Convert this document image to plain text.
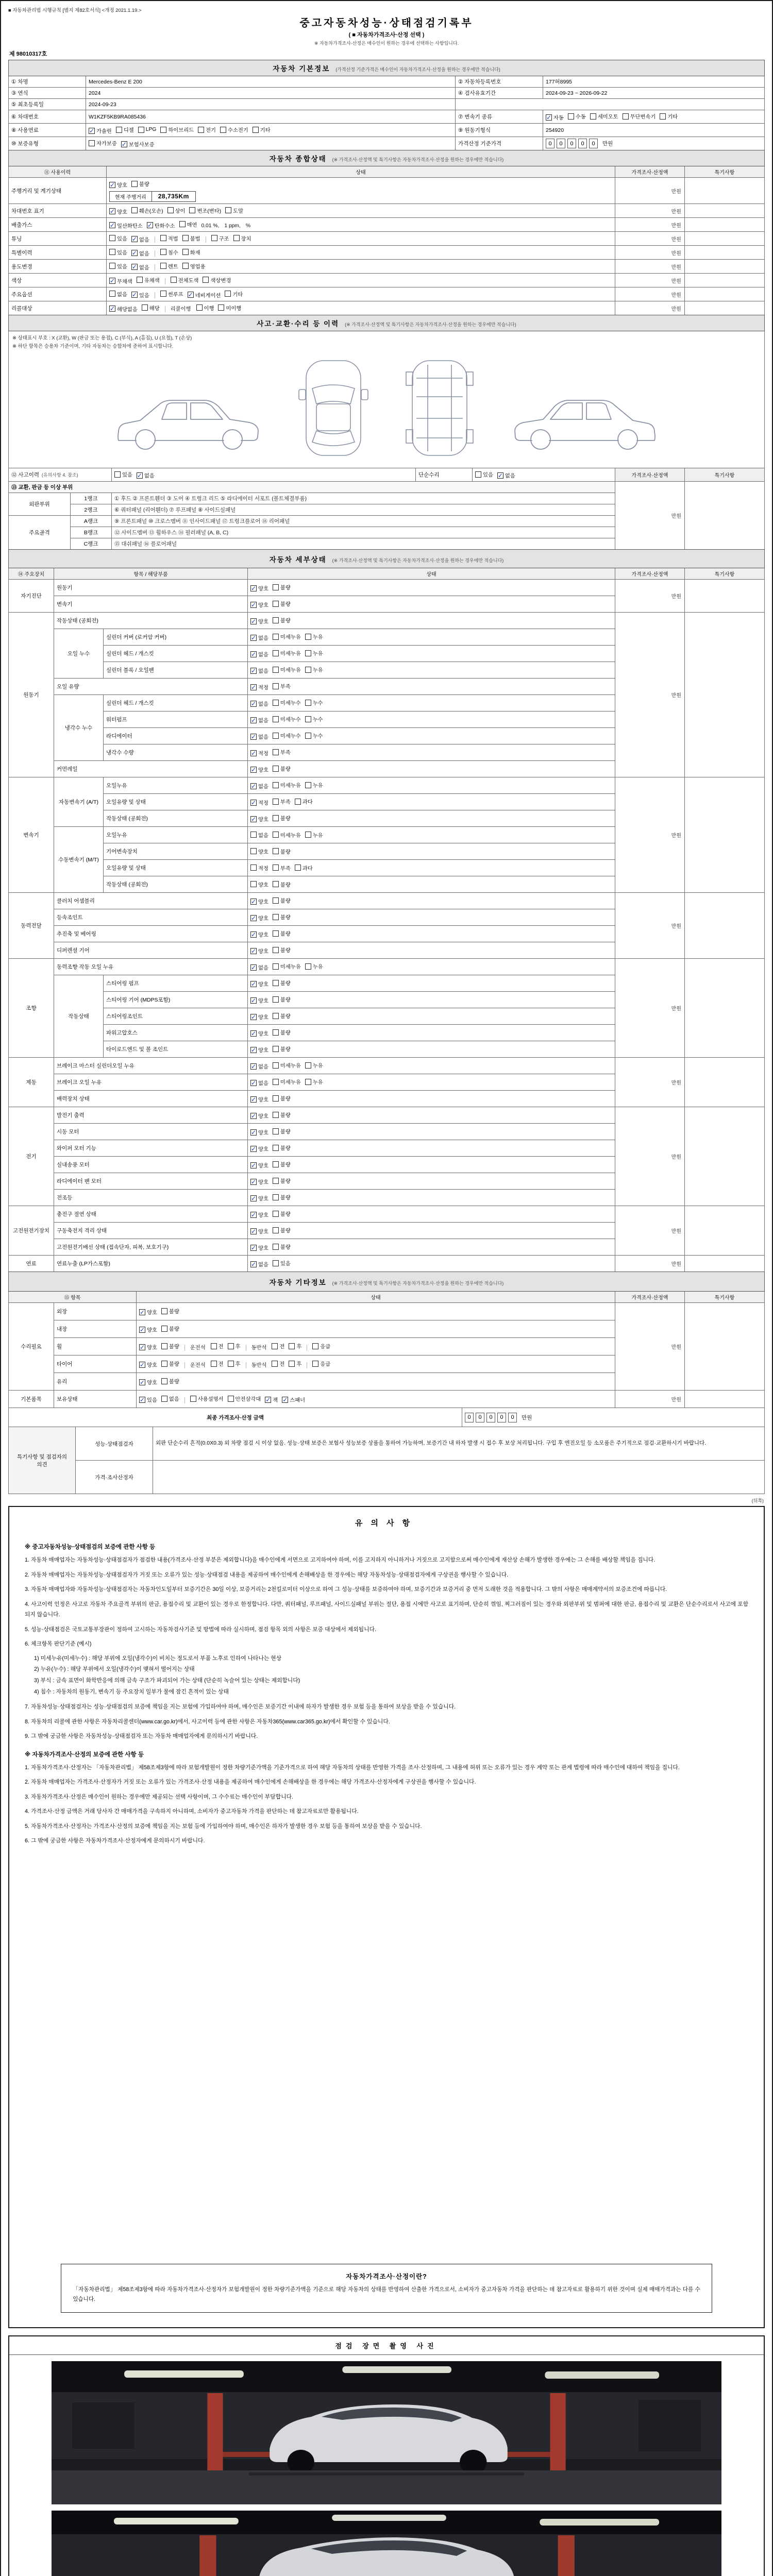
■ 자동차관리법 시행규칙 [별지 제82호서식] <개정 2021.1.19.>
중고자동차성능·상태점검기록부
( ■ 자동차가격조사·산정 선택 )
※ 자동차가격조사·산정은 매수인이 원하는 경우에 선택하는 사항입니다.
제 98010317호
자동차 기본정보 (가격산정 기준가격은 매수인이 자동차가격조사·산정을 원하는 경우에만 적습니다)			
① 차명	Mercedes-Benz E 200	② 자동차등록번호	177허8995
③ 연식	2024	④ 검사유효기간	2024-09-23 ~ 2026-09-22
⑤ 최초등록일	2024-09-23		
⑥ 차대번호	W1KZF5KB9RA085436	⑦ 변속기 종류	✓ 자동 수동 세미오토 무단변속기 기타

⑧ 사용연료	✓ 가솔린 디젤 LPG 하이브리드 전기 수소전기 기타	⑨ 원동기형식	254920
⑩ 보증유형	자가보증 ✓ 보험사보증	가격산정 기준가격	0	0	0	0	0	만원
자동차 종합상태 (※ 가격조사·산정액 및 특기사항은 자동차가격조사·산정을 원하는 경우에만 적습니다)			
⑪ 사용이력	상태	가격조사·산정액	특기사항
주행거리 및 계기상태	✓ 양호 불량
현재 주행거리 28,735Km	만원	
차대번호 표기	✓ 양호 훼손(오손) 상이 변조(변타) 도말	만원	
배출가스	✓ 일산화탄소 ✓ 탄화수소 매연 0.01 %, 1 ppm, %	만원	
튜닝	있음 ✓ 없음	적법 불법	구조 장치	만원	
특별이력	있음 ✓ 없음 침수 화재	만원	
용도변경	있음 ✓ 없음 렌트 영업용	만원	
색상	✓ 무채색 유채색 전체도색 색상변경	만원	
주요옵션	없음 ✓ 있음	썬루프 ✓ 네비게이션 기타	만원	
리콜대상	✓ 해당없음 해당 리콜이행 이행 미이행	만원	
사고·교환·수리 등 이력 (※ 가격조사·산정액 및 특기사항은 자동차가격조사·산정을 원하는 경우에만 적습니다)						

※ 상태표시 부호 : X (교환), W (판금 또는 용접), C (부식), A (흠집), U (요철), T (손상)
※ 하단 항목은 승용차 기준이며, 기타 자동차는 승합차에 준하여 표시합니다.						

⑫ 사고이력 (유의사항 4. 참조)		있음 ✓ 없음	단순수리	있음 ✓ 없음	가격조사·산정액	특기사항
⑬ 교환, 판금 등 이상 부위					만원	
외판부위	1랭크	① 후드 ② 프론트휀더 ③ 도어 ④ 트렁크 리드 ⑤ 라디에이터 서포트 (볼트체결부품)				
	2랭크	⑥ 쿼터패널 (리어휀더) ⑦ 루프패널 ⑧ 사이드실패널				
주요골격	A랭크	⑨ 프론트패널 ⑩ 크로스멤버 ⑪ 인사이드패널 ⑰ 트렁크플로어 ⑱ 리어패널				
	B랭크	⑫ 사이드멤버 ⑬ 휠하우스 ⑭ 필러패널 (A, B, C)				
	C랭크	⑮ 대쉬패널 ⑯ 플로어패널				
자동차 세부상태 (※ 가격조사·산정액 및 특기사항은 자동차가격조사·산정을 원하는 경우에만 적습니다)					
⑭ 주요장치	항목 / 해당부품		상태	가격조사·산정액	특기사항
자기진단	원동기		✓ 양호 불량	만원	
	변속기		✓ 양호 불량		

원동기	작동상태 (공회전)		✓ 양호 불량	만원	
	오일 누수	실린더 커버 (로커암 커버)	✓ 없음 미세누유 누유		

		실린더 헤드 / 개스킷	✓ 없음 미세누유 누유		

		실린더 블록 / 오일팬	✓ 없음 미세누유 누유		

	오일 유량		✓ 적정 부족		

	냉각수 누수	실린더 헤드 / 개스킷	✓ 없음 미세누수 누수		

		워터펌프	✓ 없음 미세누수 누수		

		라디에이터	✓ 없음 미세누수 누수		

		냉각수 수량	✓ 적정 부족		

	커먼레일		✓ 양호 불량		

변속기	자동변속기 (A/T)	오일누유	✓ 없음 미세누유 누유	만원	
		오일유량 및 상태	✓ 적정 부족 과다		

		작동상태 (공회전)	✓ 양호 불량		

	수동변속기 (M/T)	오일누유	없음 미세누유 누유		

		기어변속장치	양호 불량		

		오일유량 및 상태	적정 부족 과다		

		작동상태 (공회전)	양호 불량		

동력전달	클러치 어셈블리		✓ 양호 불량	만원	
	등속조인트		✓ 양호 불량		

	추진축 및 베어링		✓ 양호 불량		

	디퍼렌셜 기어		✓ 양호 불량		

조향	동력조향 작동 오일 누유		✓ 없음 미세누유 누유	만원	
	작동상태	스티어링 펌프	✓ 양호 불량		

		스티어링 기어 (MDPS포함)	✓ 양호 불량		

		스티어링조인트	✓ 양호 불량		

		파워고압호스	✓ 양호 불량		

		타이로드엔드 및 볼 조인트	✓ 양호 불량		

제동	브레이크 마스터 실린더오일 누유		✓ 없음 미세누유 누유	만원	
	브레이크 오일 누유		✓ 없음 미세누유 누유		

	배력장치 상태		✓ 양호 불량		

전기	발전기 출력		✓ 양호 불량	만원	
	시동 모터		✓ 양호 불량		

	와이퍼 모터 기능		✓ 양호 불량		

	실내송풍 모터		✓ 양호 불량		

	라디에이터 팬 모터		✓ 양호 불량		

	전조등		✓ 양호 불량		

고전원전기장치	충전구 절연 상태		✓ 양호 불량	만원	
	구동축전지 격리 상태		✓ 양호 불량		

	고전원전기배선 상태 (접속단자, 피복, 보호기구)		✓ 양호 불량		

연료	연료누출 (LP가스포함)		✓ 없음 있음	만원	
자동차 기타정보 (※ 가격조사·산정액 및 특기사항은 자동차가격조사·산정을 원하는 경우에만 적습니다)				
⑮ 항목		상태	가격조사·산정액	특기사항
수리필요	외장	✓ 양호 불량	만원	
	내장	✓ 양호 불량		

휠	✓ 양호 불량 운전석 전 후 동반석 전 후	응급

타이어	✓ 양호 불량 운전석 전 후 동반석 전 후	응급

	유리	✓ 양호 불량		

기본품목	보유상태	✓ 있음 없음	사용설명서 안전삼각대 ✓ 잭 ✓ 스패너	만원	
최종 가격조사·산정 금액	0	0	0	0	0	만원
특기사항 및 점검자의 의견	성능·상태점검자	외판 단순수리 흔적(0.0X0.3) 외 차량 점검 시 이상 없음. 성능·상태 보증은 보험사 성능보증 상품을 통하여 가능하며, 보증기간 내 하자 발생 시 접수 후 보상 처리됩니다. 구입 후 엔진오일 등 소모품은 주기적으로 점검·교환하시기 바랍니다.
	가격·조사산정자	
(뒤쪽)
유의사항
※ 중고자동차성능·상태점검의 보증에 관한 사항 등
1. 자동차 매매업자는 자동차성능·상태점검자가 점검한 내용(가격조사·산정 부분은 제외합니다)을 매수인에게 서면으로 고지하여야 하며, 이를 고지하지 아니하거나 거짓으로 고지함으로써 매수인에게 재산상 손해가 발생한 경우에는 그 손해를 배상할 책임을 집니다.
2. 자동차 매매업자는 자동차성능·상태점검자가 거짓 또는 오류가 있는 성능·상태점검 내용을 제공하여 매수인에게 손해배상을 한 경우에는 해당 자동차성능·상태점검자에게 구상권을 행사할 수 있습니다.
3. 자동차 매매업자와 자동차성능·상태점검자는 자동차인도일부터 보증기간은 30일 이상, 보증거리는 2천킬로미터 이상으로 하여 그 성능·상태를 보증하여야 하며, 보증기간과 보증거리 중 먼저 도래한 것을 적용합니다. 그 밖의 사항은 매매계약서의 보증조건에 따릅니다.
4. 사고이력 인정은 사고로 자동차 주요골격 부위의 판금, 용접수리 및 교환이 있는 경우로 한정합니다. 다만, 쿼터패널, 루프패널, 사이드실패널 부위는 절단, 용접 시에만 사고로 표기하며, 단순히 꺾임, 찌그러짐이 있는 경우와 외판부위 및 범퍼에 대한 판금, 용접수리 및 교환은 단순수리로서 사고에 포함되지 않습니다.
5. 성능·상태점검은 국토교통부장관이 정하여 고시하는 자동차검사기준 및 방법에 따라 실시하며, 점검 항목 외의 사항은 보증 대상에서 제외됩니다.
6. 체크항목 판단기준 (예시)
1) 미세누유(미세누수) : 해당 부위에 오일(냉각수)이 비치는 정도로서 부품 노후로 인하여 나타나는 현상
2) 누유(누수) : 해당 부위에서 오일(냉각수)이 맺혀서 떨어지는 상태
3) 부식 : 금속 표면이 화학반응에 의해 금속 구조가 파괴되어 가는 상태 (단순히 녹슬어 있는 상태는 제외합니다)
4) 침수 : 자동차의 원동기, 변속기 등 주요장치 일부가 물에 잠긴 흔적이 있는 상태
7. 자동차성능·상태점검자는 성능·상태점검의 보증에 책임을 지는 보험에 가입하여야 하며, 매수인은 보증기간 이내에 하자가 발생한 경우 보험 등을 통하여 보상을 받을 수 있습니다.
8. 자동차의 리콜에 관한 사항은 자동차리콜센터(www.car.go.kr)에서, 사고이력 등에 관한 사항은 자동차365(www.car365.go.kr)에서 확인할 수 있습니다.
9. 그 밖에 궁금한 사항은 자동차성능·상태점검자 또는 자동차 매매업자에게 문의하시기 바랍니다.
※ 자동차가격조사·산정의 보증에 관한 사항 등
1. 자동차가격조사·산정자는 「자동차관리법」 제58조제3항에 따라 보험개발원이 정한 차량기준가액을 기준가격으로 하여 해당 자동차의 상태를 반영한 가격을 조사·산정하며, 그 내용에 허위 또는 오류가 있는 경우 계약 또는 관계 법령에 따라 매수인에 대하여 책임을 집니다.
2. 자동차 매매업자는 가격조사·산정자가 거짓 또는 오류가 있는 가격조사·산정 내용을 제공하여 매수인에게 손해배상을 한 경우에는 해당 가격조사·산정자에게 구상권을 행사할 수 있습니다.
3. 자동차가격조사·산정은 매수인이 원하는 경우에만 제공되는 선택 사항이며, 그 수수료는 매수인이 부담합니다.
4. 가격조사·산정 금액은 거래 당사자 간 매매가격을 구속하지 아니하며, 소비자가 중고자동차 가격을 판단하는 데 참고자료로만 활용됩니다.
5. 자동차가격조사·산정자는 가격조사·산정의 보증에 책임을 지는 보험 등에 가입하여야 하며, 매수인은 하자가 발생한 경우 보험 등을 통하여 보상을 받을 수 있습니다.
6. 그 밖에 궁금한 사항은 자동차가격조사·산정자에게 문의하시기 바랍니다.
자동차가격조사·산정이란?
「자동차관리법」 제58조제3항에 따라 자동차가격조사·산정자가 보험개발원이 정한 차량기준가액을 기준으로 해당 자동차의 상태를 반영하여 산출한 가격으로서, 소비자가 중고자동차 가격을 판단하는 데 참고자료로 활용하기 위한 것이며 실제 매매가격과는 다를 수 있습니다.
점검 장면 촬영 사진
